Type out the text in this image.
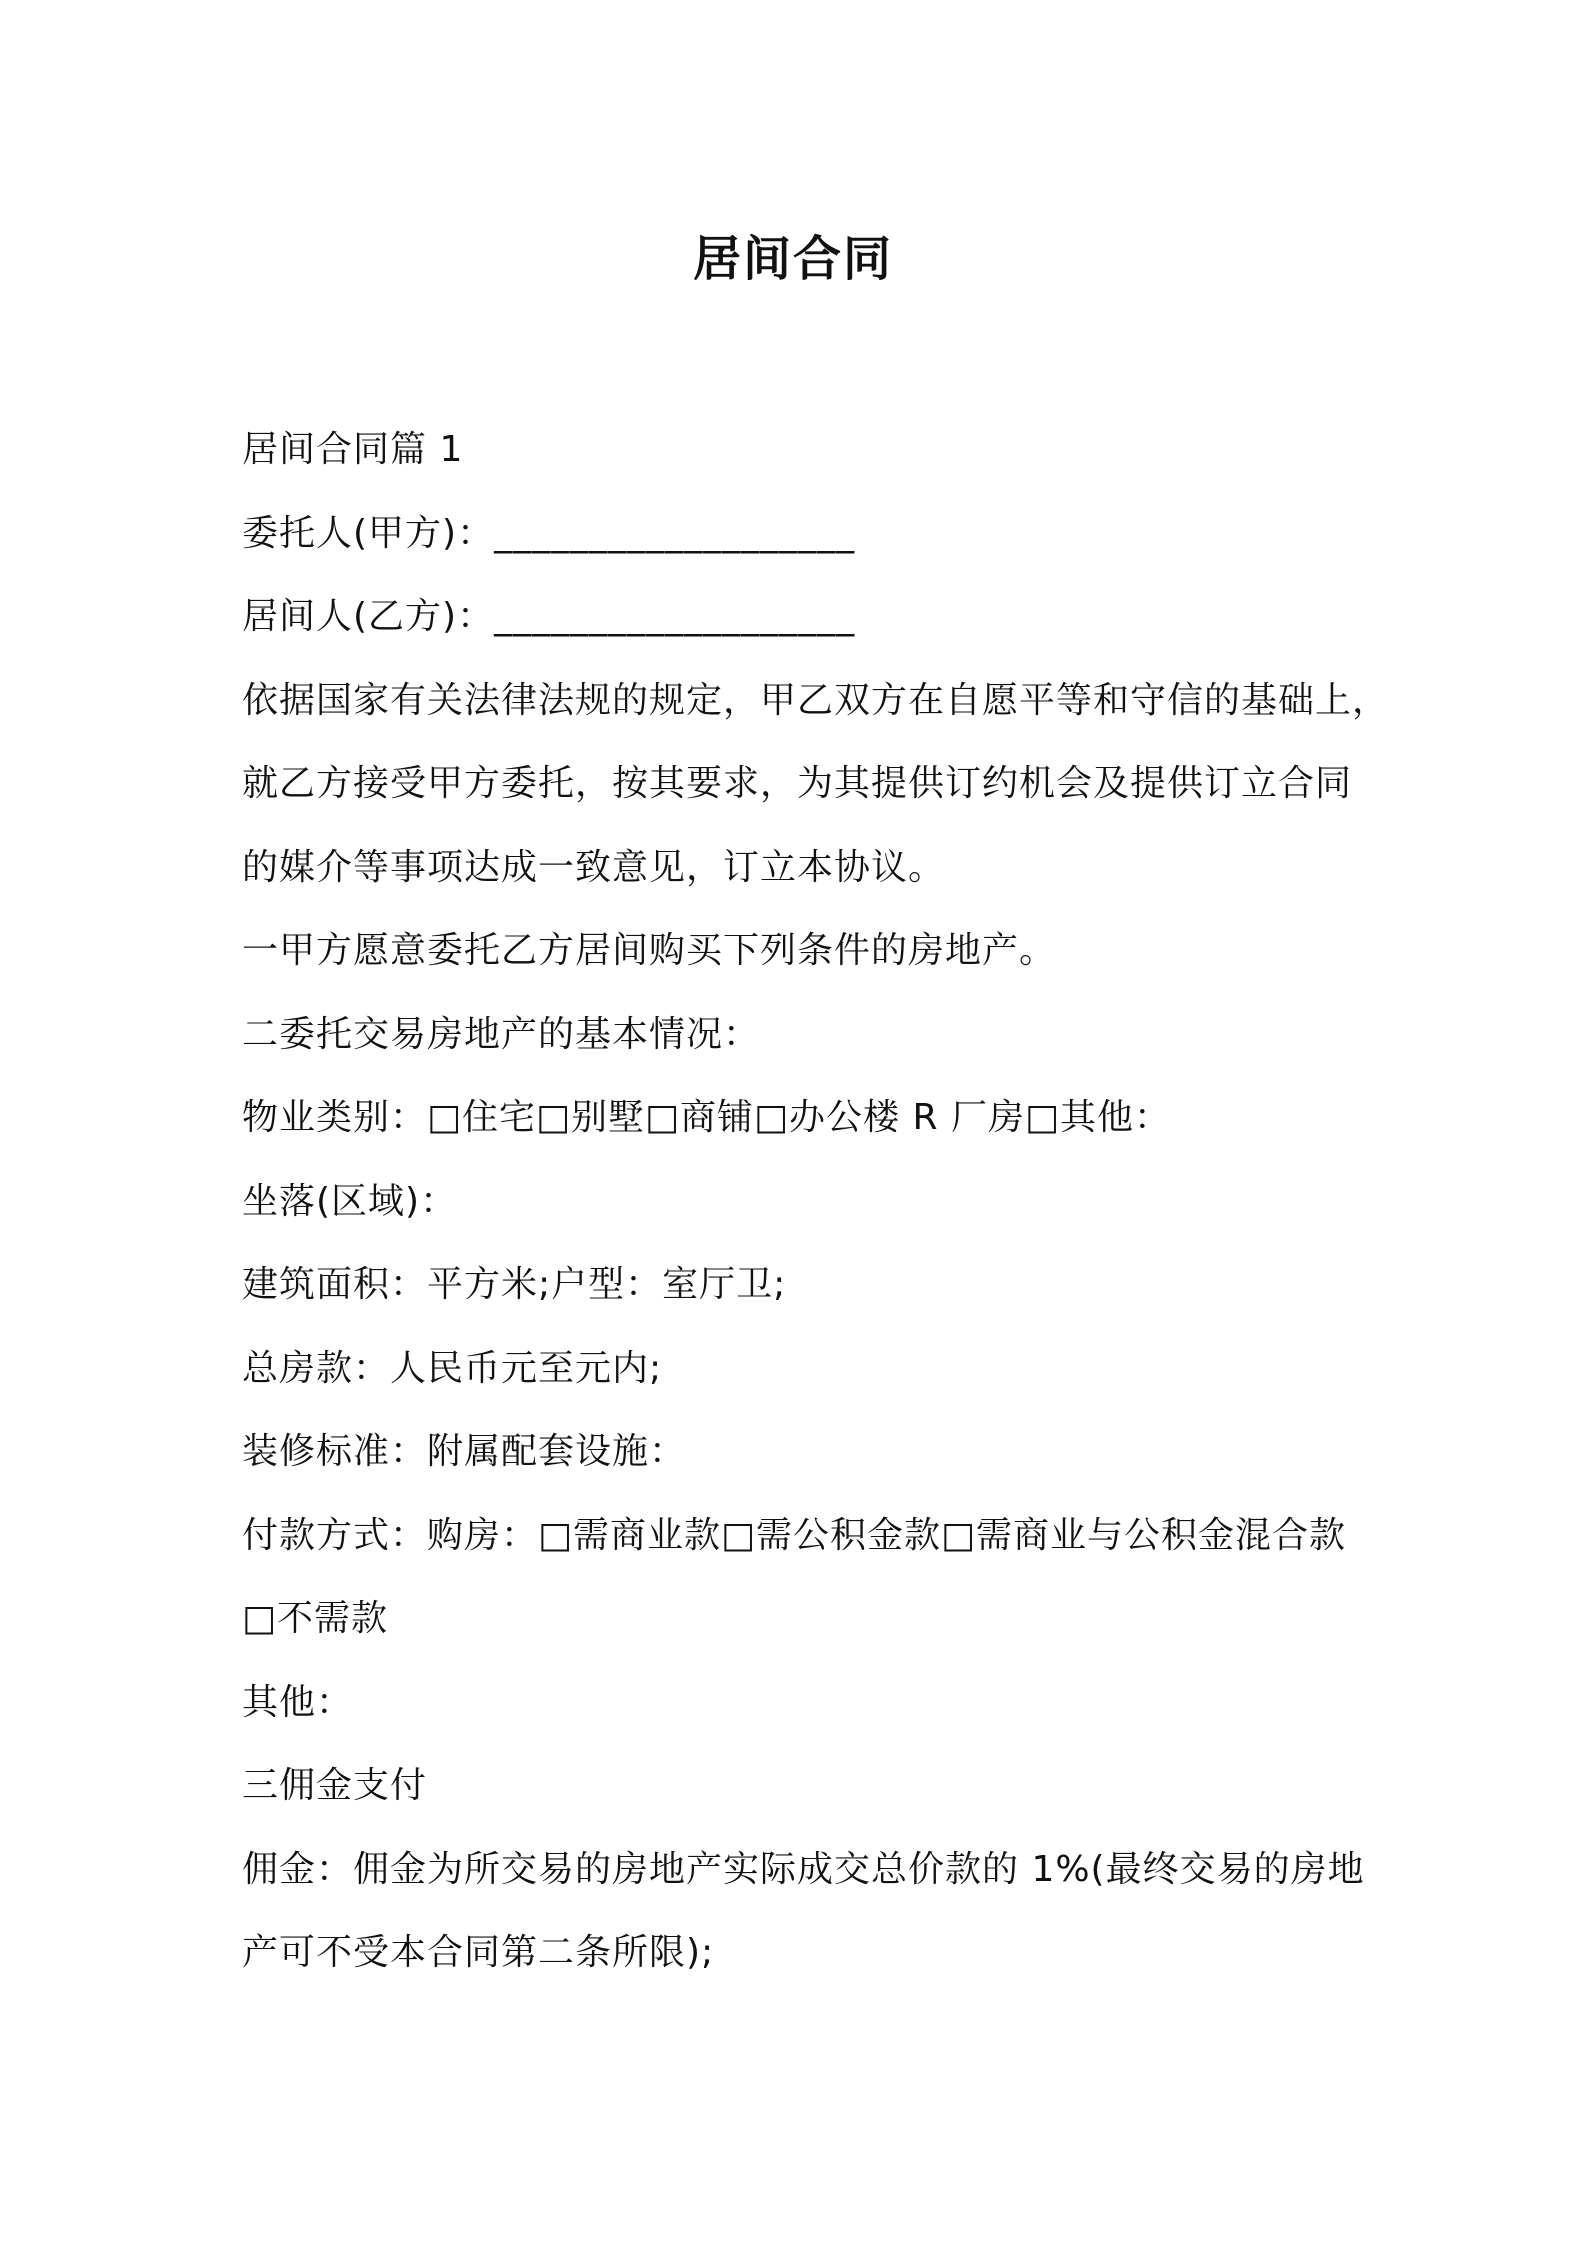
居间合同
居间合同篇 1
委托人(甲方)：___________________
居间人(乙方)：___________________
依据国家有关法律法规的规定，甲乙双方在自愿平等和守信的基础上，
就乙方接受甲方委托，按其要求，为其提供订约机会及提供订立合同
的媒介等事项达成一致意见，订立本协议。
一甲方愿意委托乙方居间购买下列条件的房地产。
二委托交易房地产的基本情况：
物业类别：□住宅□别墅□商铺□办公楼 R 厂房□其他：
坐落(区域)：
建筑面积：平方米;户型：室厅卫;
总房款：人民币元至元内;
装修标准：附属配套设施：
付款方式：购房：□需商业款□需公积金款□需商业与公积金混合款
□不需款
其他：
三佣金支付
佣金：佣金为所交易的房地产实际成交总价款的 1%(最终交易的房地
产可不受本合同第二条所限);
